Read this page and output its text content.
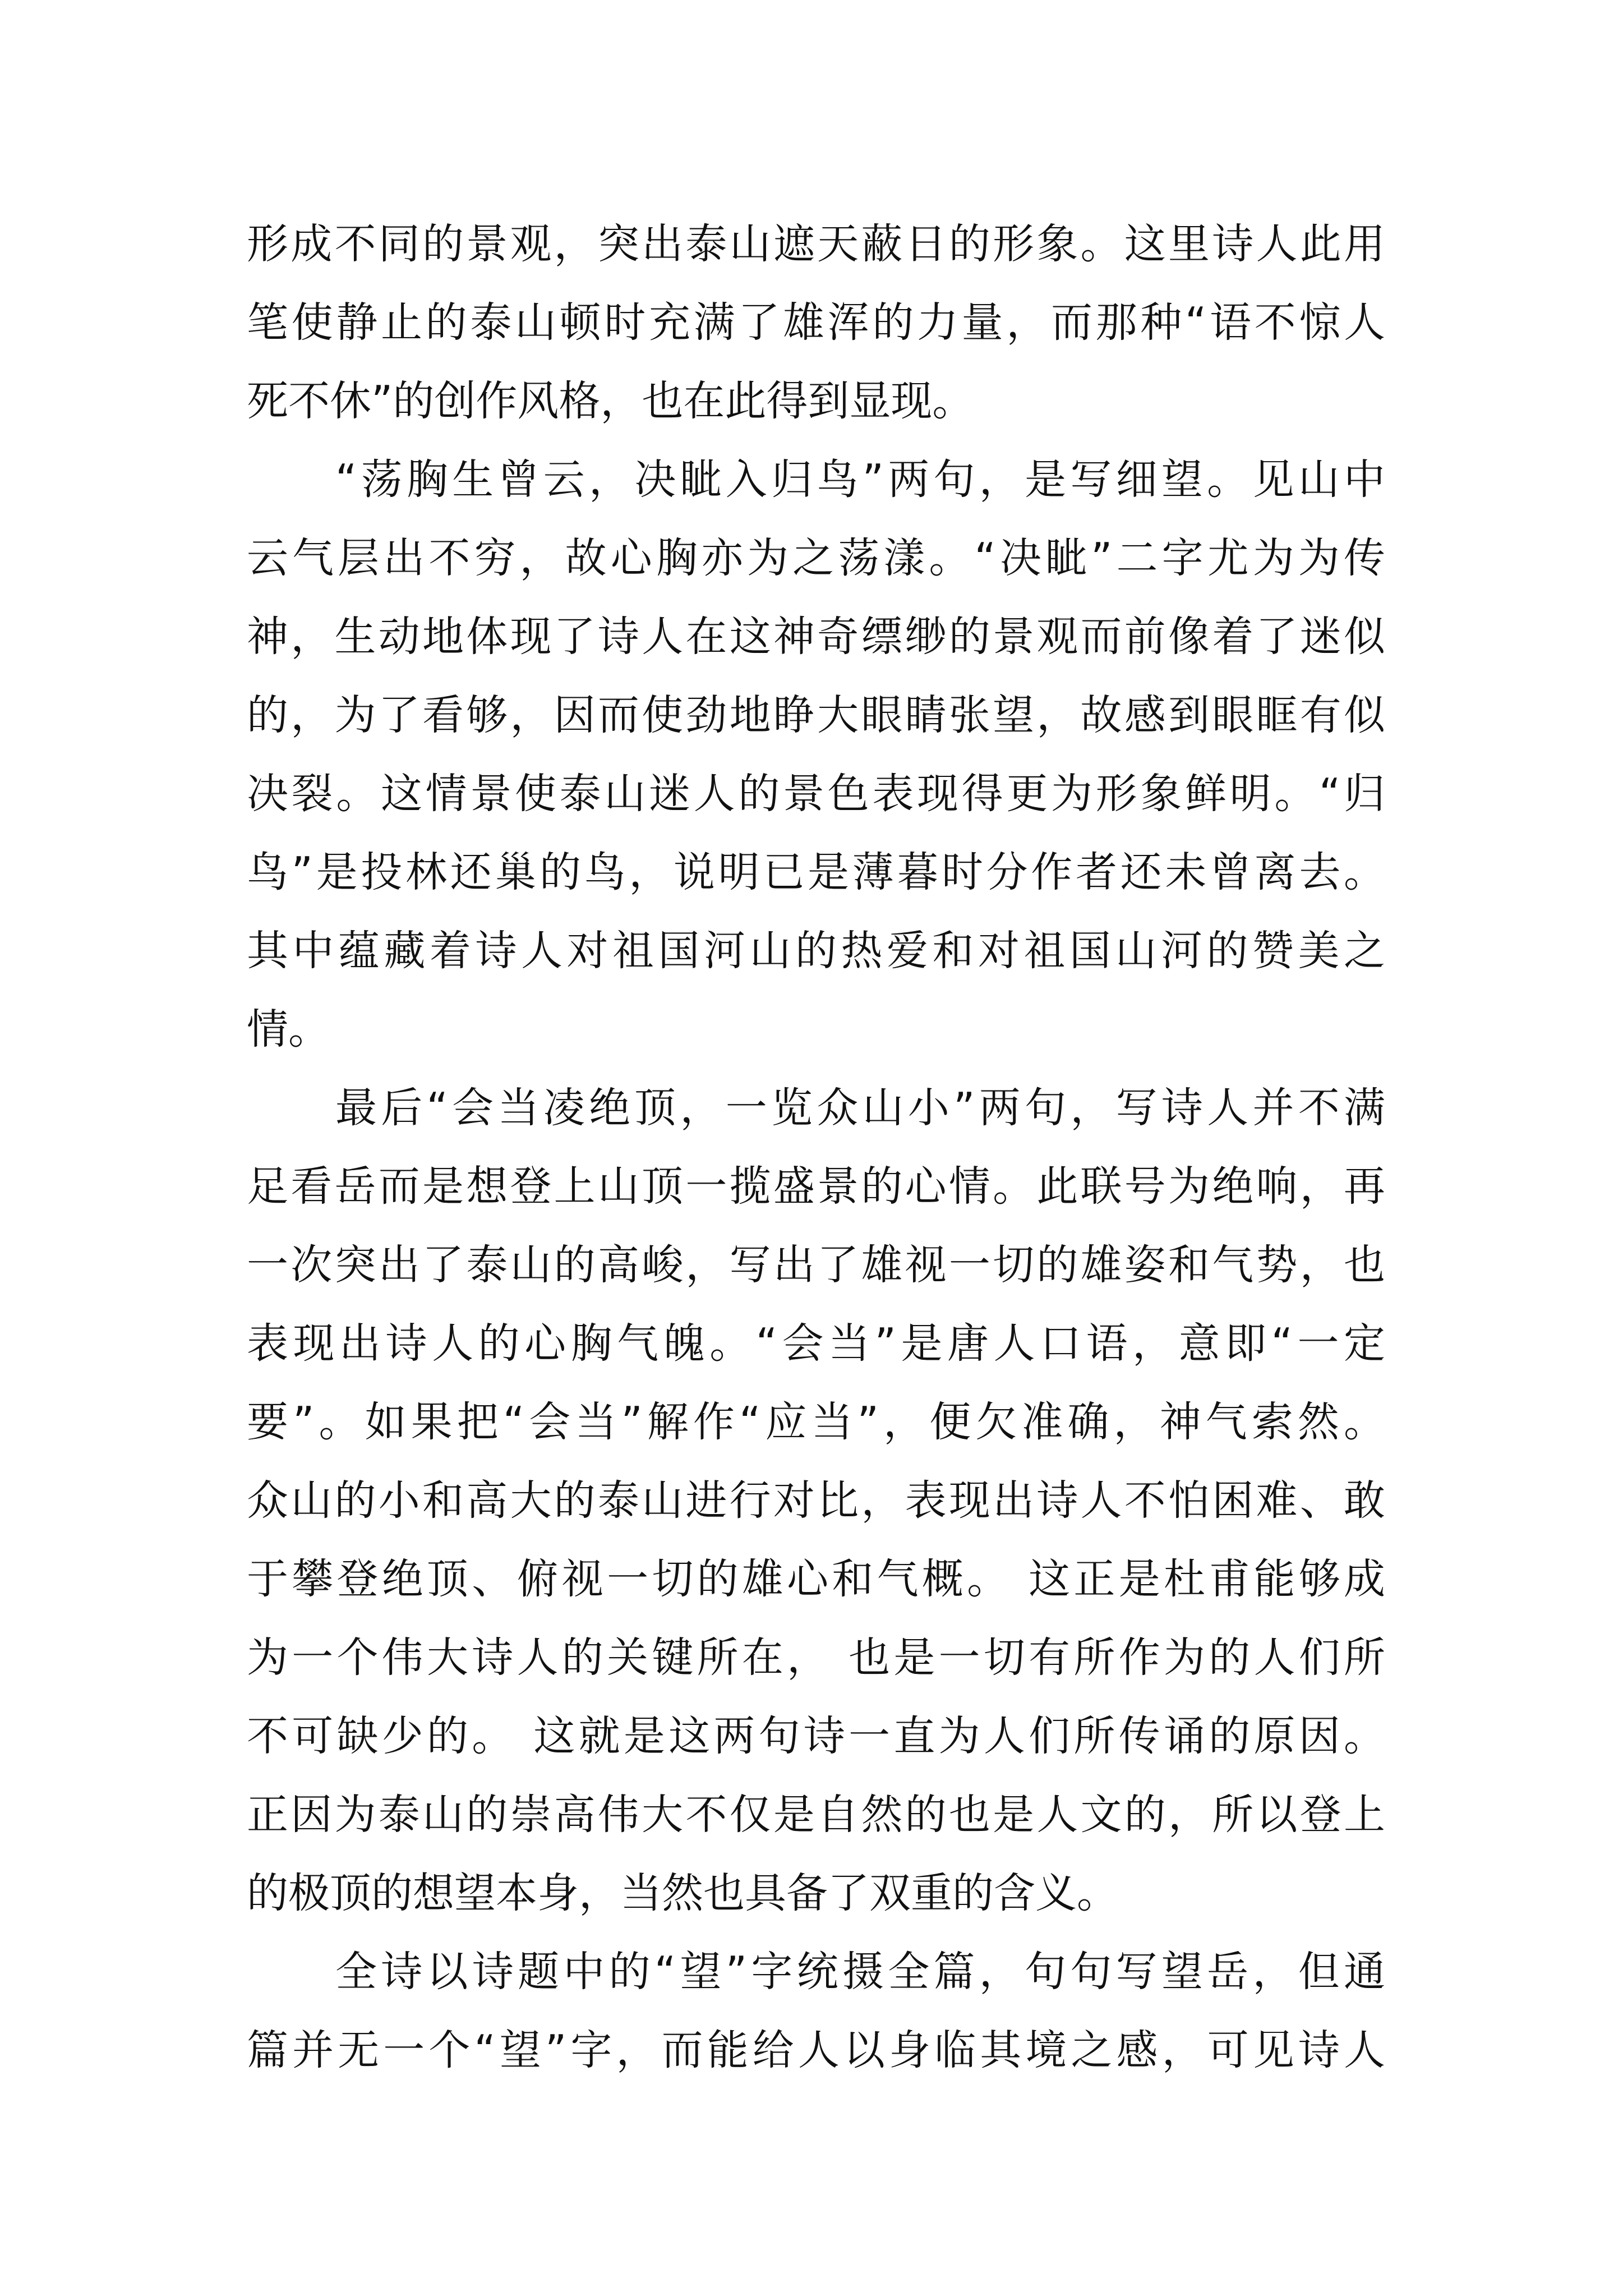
形成不同的景观，突出泰山遮天蔽日的形象。这里诗人此用
笔使静止的泰山顿时充满了雄浑的力量，而那种“语不惊人
死不休”的创作风格，也在此得到显现。
“荡胸生曾云，决眦入归鸟”两句，是写细望。见山中
云气层出不穷，故心胸亦为之荡漾。“决眦”二字尤为为传
神，生动地体现了诗人在这神奇缥缈的景观而前像着了迷似
的，为了看够，因而使劲地睁大眼睛张望，故感到眼眶有似
决裂。这情景使泰山迷人的景色表现得更为形象鲜明。“归
鸟”是投林还巢的鸟，说明已是薄暮时分作者还未曾离去。
其中蕴藏着诗人对祖国河山的热爱和对祖国山河的赞美之
情。
最后“会当凌绝顶，一览众山小”两句，写诗人并不满
足看岳而是想登上山顶一揽盛景的心情。此联号为绝响，再
一次突出了泰山的高峻，写出了雄视一切的雄姿和气势，也
表现出诗人的心胸气魄。“会当”是唐人口语，意即“一定
要”。如果把“会当”解作“应当”，便欠准确，神气索然。
众山的小和高大的泰山进行对比，表现出诗人不怕困难、敢
于攀登绝顶、俯视一切的雄心和气概。 这正是杜甫能够成
为一个伟大诗人的关键所在， 也是一切有所作为的人们所
不可缺少的。 这就是这两句诗一直为人们所传诵的原因。
正因为泰山的崇高伟大不仅是自然的也是人文的，所以登上
的极顶的想望本身，当然也具备了双重的含义。
全诗以诗题中的“望”字统摄全篇，句句写望岳，但通
篇并无一个“望”字，而能给人以身临其境之感，可见诗人
